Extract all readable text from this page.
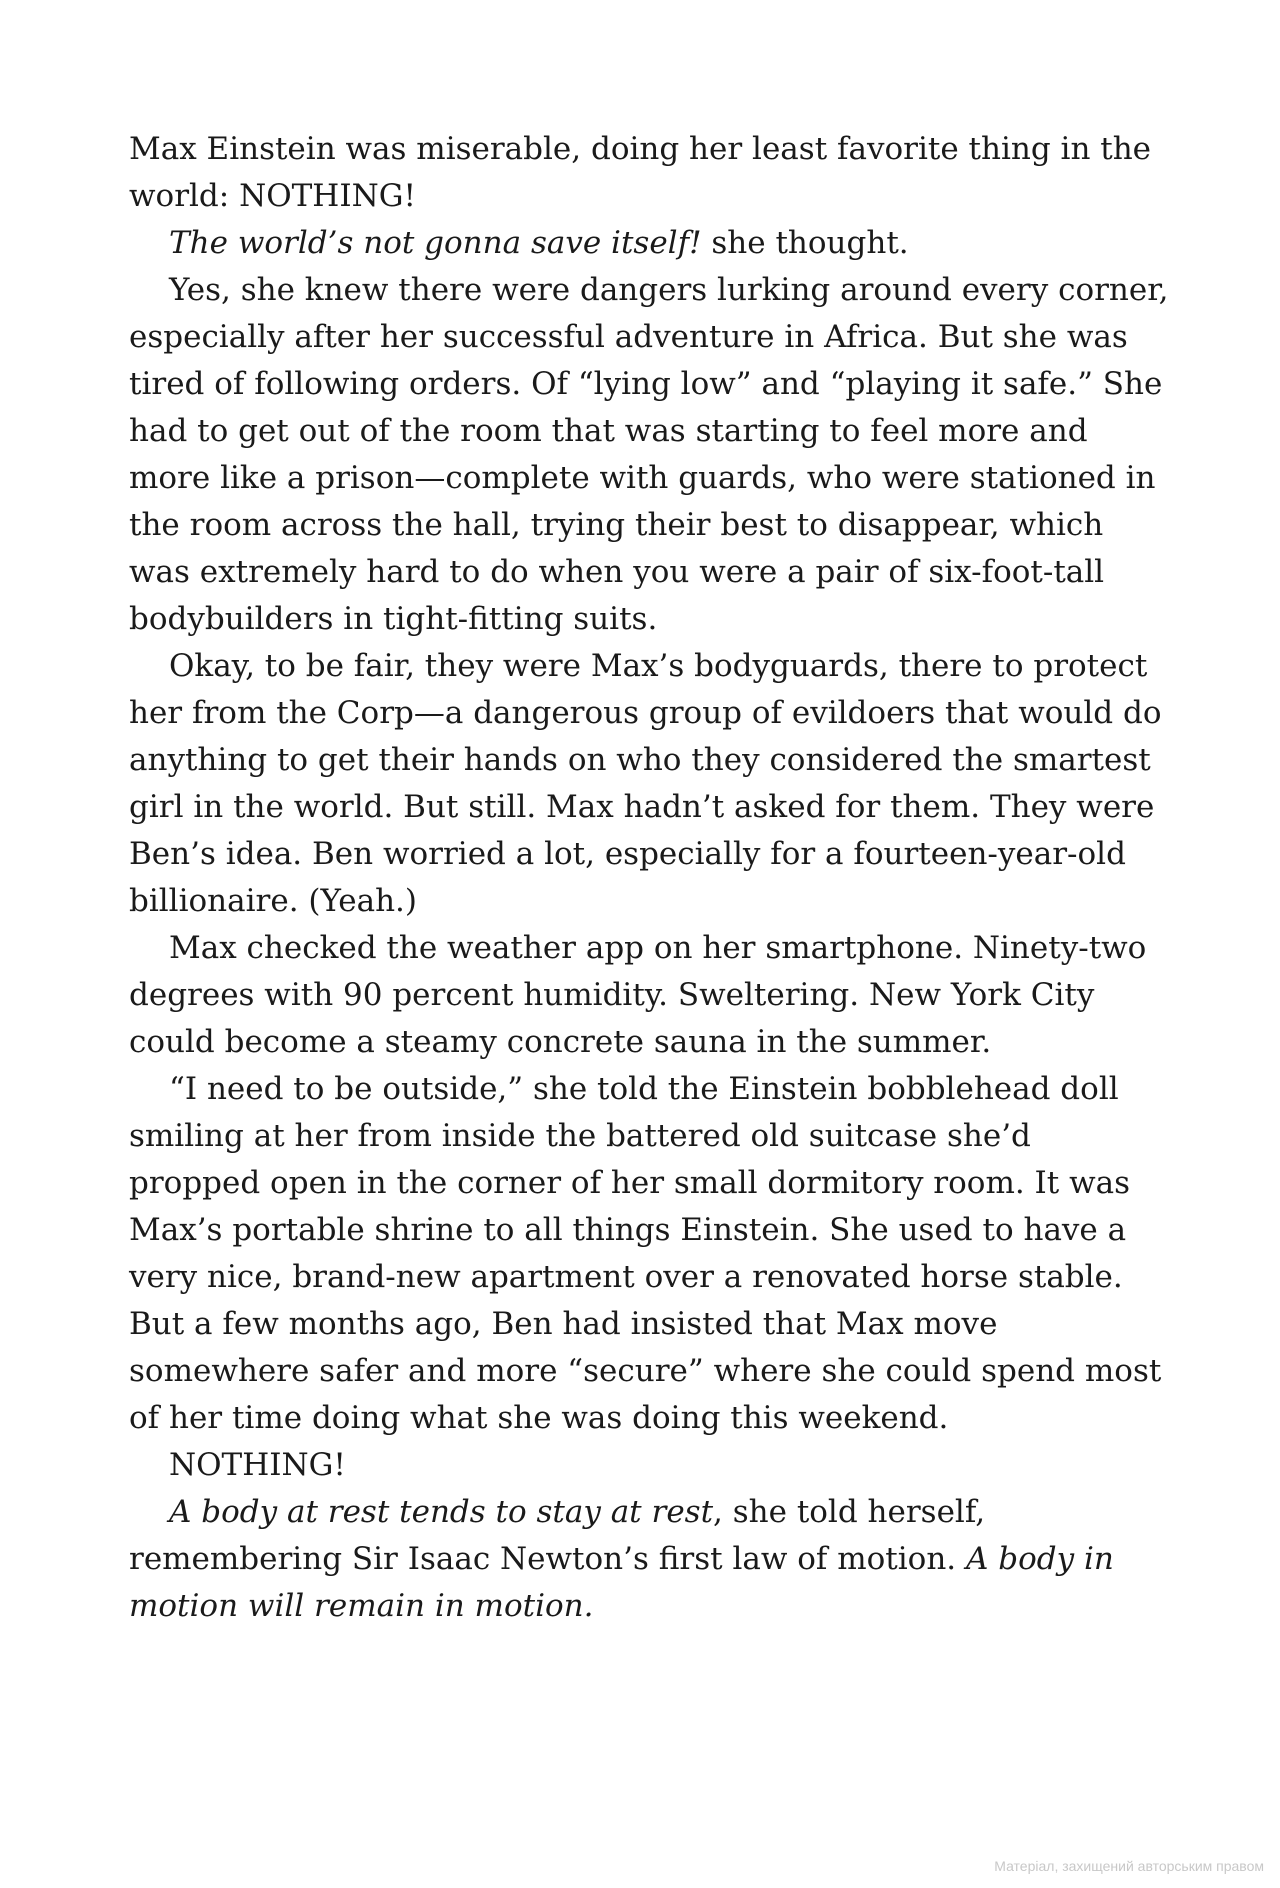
Max Einstein was miserable, doing her least favorite thing in the world: NOTHING!

The world’s not gonna save itself! she thought.

Yes, she knew there were dangers lurking around every corner, especially after her successful adventure in Africa. But she was tired of following orders. Of “lying low” and “playing it safe.” She had to get out of the room that was starting to feel more and more like a prison—complete with guards, who were stationed in the room across the hall, trying their best to disappear, which was extremely hard to do when you were a pair of six-foot-tall bodybuilders in tight-fitting suits.

Okay, to be fair, they were Max’s bodyguards, there to protect her from the Corp—a dangerous group of evildoers that would do anything to get their hands on who they considered the smartest girl in the world. But still. Max hadn’t asked for them. They were Ben’s idea. Ben worried a lot, especially for a fourteen-year-old billionaire. (Yeah.)

Max checked the weather app on her smartphone. Ninety-two degrees with 90 percent humidity. Sweltering. New York City could become a steamy concrete sauna in the summer.

“I need to be outside,” she told the Einstein bobblehead doll smiling at her from inside the battered old suitcase she’d propped open in the corner of her small dormitory room. It was Max’s portable shrine to all things Einstein. She used to have a very nice, brand-new apartment over a renovated horse stable. But a few months ago, Ben had insisted that Max move somewhere safer and more “secure” where she could spend most of her time doing what she was doing this weekend.

NOTHING!

A body at rest tends to stay at rest, she told herself, remembering Sir Isaac Newton’s first law of motion. A body in motion will remain in motion.

Матеріал, захищений авторським правом
